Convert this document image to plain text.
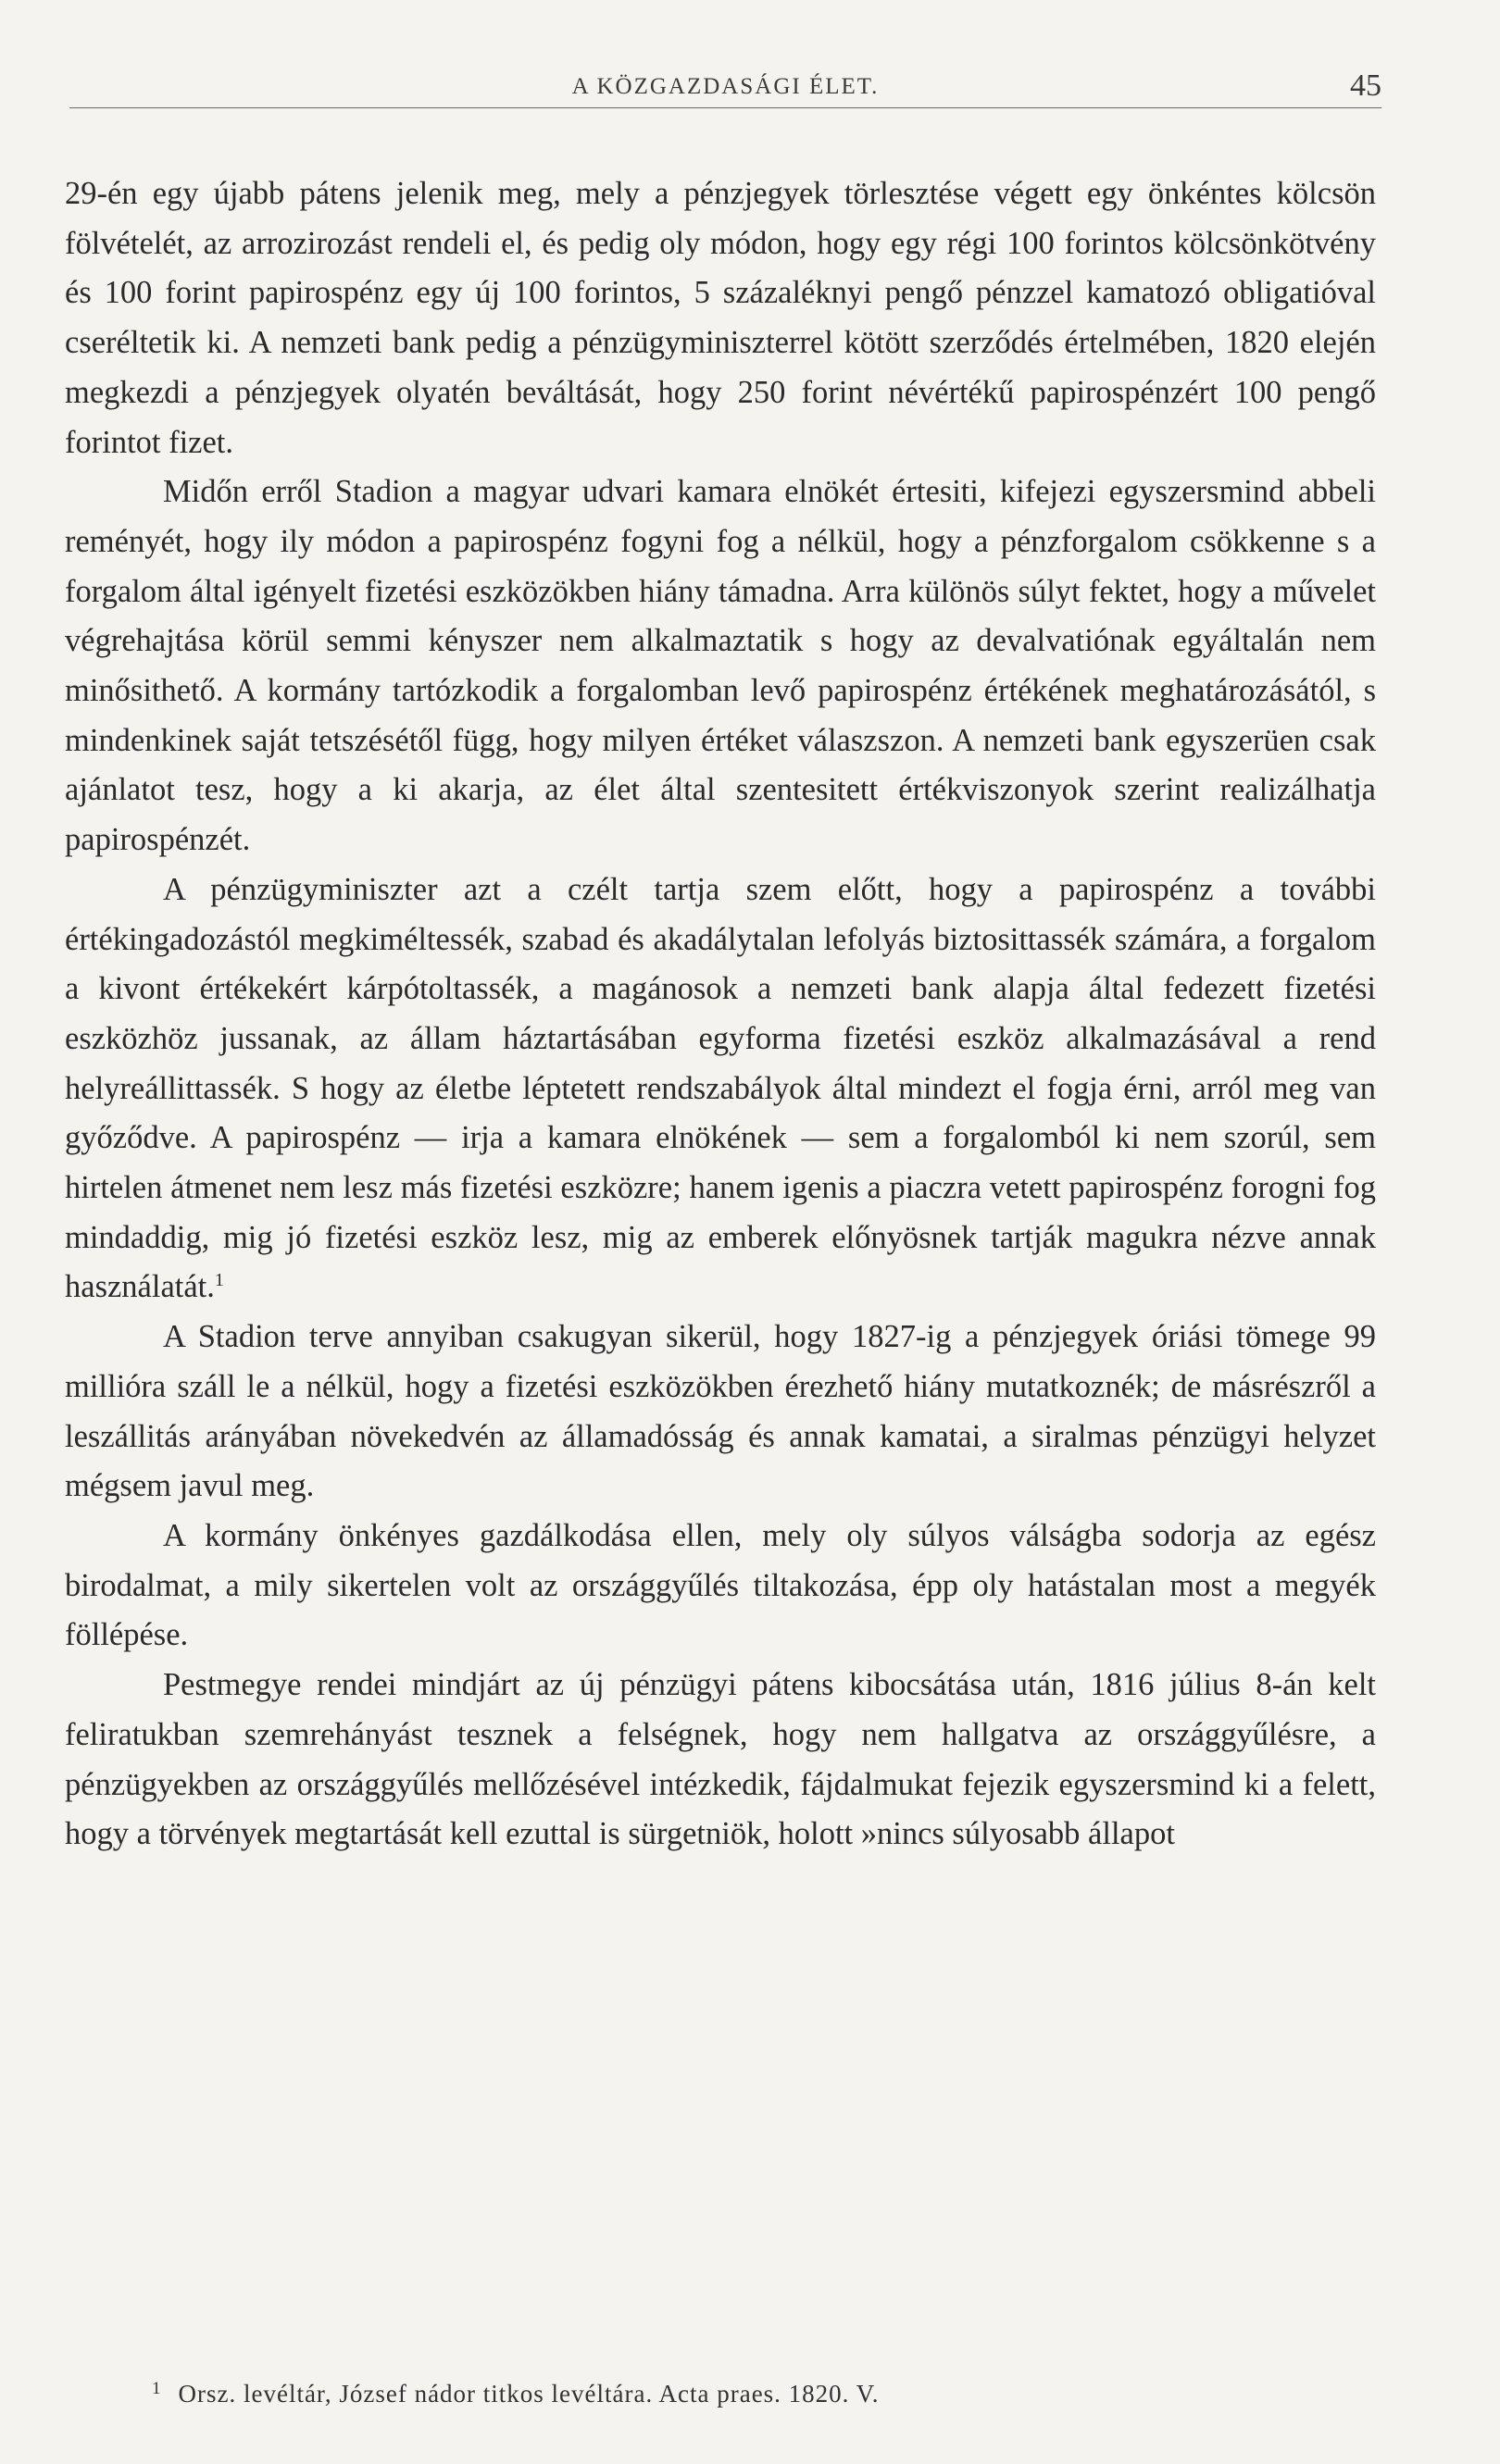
A KÖZGAZDASÁGI ÉLET.	45

29-én egy újabb pátens jelenik meg, mely a pénzjegyek törlesztése végett egy önkéntes kölcsön fölvételét, az arrozirozást rendeli el, és pedig oly módon, hogy egy régi 100 forintos kölcsönkötvény és 100 forint papirospénz egy új 100 forintos, 5 százaléknyi pengő pénzzel kamatozó obligatióval cseréltetik ki. A nemzeti bank pedig a pénzügyminiszterrel kötött szerződés értelmében, 1820 elején megkezdi a pénzjegyek olyatén beváltását, hogy 250 forint névértékű papirospénzért 100 pengő forintot fizet.

Midőn erről Stadion a magyar udvari kamara elnökét értesiti, kifejezi egyszersmind abbeli reményét, hogy ily módon a papirospénz fogyni fog a nélkül, hogy a pénzforgalom csökkenne s a forgalom által igényelt fizetési eszközökben hiány támadna. Arra különös súlyt fektet, hogy a művelet végrehajtása körül semmi kényszer nem alkalmaztatik s hogy az devalvatiónak egyáltalán nem minősithető. A kormány tartózkodik a forgalomban levő papirospénz értékének meghatározásától, s mindenkinek saját tetszésétől függ, hogy milyen értéket válaszszon. A nemzeti bank egyszerüen csak ajánlatot tesz, hogy a ki akarja, az élet által szentesitett értékviszonyok szerint realizálhatja papirospénzét.

A pénzügyminiszter azt a czélt tartja szem előtt, hogy a papirospénz a további értékingadozástól megkiméltessék, szabad és akadálytalan lefolyás biztosittassék számára, a forgalom a kivont értékekért kárpótoltassék, a magánosok a nemzeti bank alapja által fedezett fizetési eszközhöz jussanak, az állam háztartásában egyforma fizetési eszköz alkalmazásával a rend helyreállittassék. S hogy az életbe léptetett rendszabályok által mindezt el fogja érni, arról meg van győződve. A papirospénz — irja a kamara elnökének — sem a forgalomból ki nem szorúl, sem hirtelen átmenet nem lesz más fizetési eszközre; hanem igenis a piaczra vetett papirospénz forogni fog mindaddig, mig jó fizetési eszköz lesz, mig az emberek előnyösnek tartják magukra nézve annak használatát.$^1$

A Stadion terve annyiban csakugyan sikerül, hogy 1827-ig a pénzjegyek óriási tömege 99 millióra száll le a nélkül, hogy a fizetési eszközökben érezhető hiány mutatkoznék; de másrészről a leszállitás arányában növekedvén az államadósság és annak kamatai, a siralmas pénzügyi helyzet mégsem javul meg.

A kormány önkényes gazdálkodása ellen, mely oly súlyos válságba sodorja az egész birodalmat, a mily sikertelen volt az országgyűlés tiltakozása, épp oly hatástalan most a megyék föllépése.

Pestmegye rendei mindjárt az új pénzügyi pátens kibocsátása után, 1816 július 8-án kelt feliratukban szemrehányást tesznek a felségnek, hogy nem hallgatva az országgyűlésre, a pénzügyekben az országgyűlés mellőzésével intézkedik, fájdalmukat fejezik egyszersmind ki a felett, hogy a törvények megtartását kell ezuttal is sürgetniök, holott »nincs súlyosabb állapot

$^1$ Orsz. levéltár, József nádor titkos levéltára. Acta praes. 1820. V.
